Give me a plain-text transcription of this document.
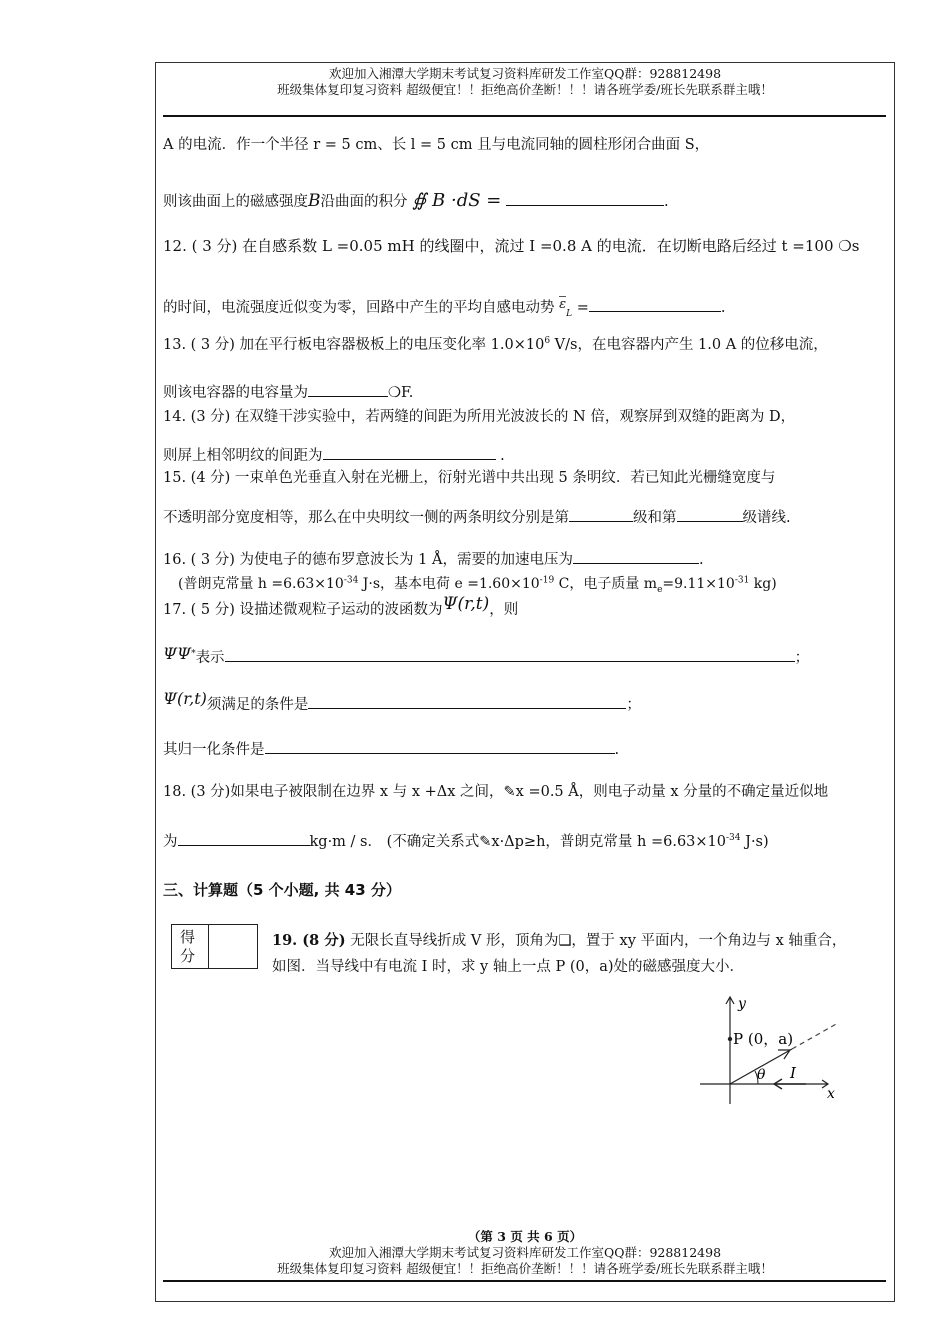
欢迎加入湘潭大学期末考试复习资料库研发工作室QQ群：928812498
班级集体复印复习资料 超级便宜！！拒绝高价垄断！！！请各班学委/班长先联系群主哦！
A 的电流．作一个半径 r = 5 cm、长 l = 5 cm 且与电流同轴的圆柱形闭合曲面 S，
则该曲面上的磁感强度B沿曲面的积分 ∯ B ·dS =	.
12. ( 3 分) 在自感系数 L =0.05 mH 的线圈中，流过 I =0.8 A 的电流．在切断电路后经过 t =100 ❍s
的时间，电流强度近似变为零，回路中产生的平均自感电动势 $\varepsilon_L$ =	.
13. ( 3 分) 加在平行板电容器极板上的电压变化率 $1.0\times 10^6$ V/s，在电容器内产生 1.0 A 的位移电流，
则该电容器的电容量为	❍F.
14. (3 分) 在双缝干涉实验中，若两缝的间距为所用光波波长的 N 倍，观察屏到双缝的距离为 D，
则屏上相邻明纹的间距为	.
15. (4 分) 一束单色光垂直入射在光栅上，衍射光谱中共出现 5 条明纹．若已知此光栅缝宽度与
不透明部分宽度相等，那么在中央明纹一侧的两条明纹分别是第	级和第	级谱线.
16. ( 3 分) 为使电子的德布罗意波长为 1 Å，需要的加速电压为	.
(普朗克常量 $h =6.63\times 10^{-34}$ J·s，基本电荷 $e =1.60\times 10^{-19}$ C，电子质量 $m_e=9.11\times 10^{-31}$ kg)
17. ( 5 分) 设描述微观粒子运动的波函数为Ψ(r,t)，则
ΨΨ*表示	；
Ψ(r,t)须满足的条件是	；
其归一化条件是	.
18. (3 分)如果电子被限制在边界 x 与 x +Δx 之间，✎x =0.5 Å，则电子动量 x 分量的不确定量近似地
为	kg·m / s． (不确定关系式✎x·Δp≥h，普朗克常量 $h =6.63\times 10^{-34}$ J·s)
三、计算题（5 个小题, 共 43 分）
得
分
19. (8 分) 无限长直导线折成 V 形，顶角为❑，置于 xy 平面内，一个角边与 x 轴重合，
如图．当导线中有电流 I 时，求 y 轴上一点 P (0，a)处的磁感强度大小．
y
x
P (0，a)
θ I
（第 3 页 共 6 页）
欢迎加入湘潭大学期末考试复习资料库研发工作室QQ群：928812498
班级集体复印复习资料 超级便宜！！拒绝高价垄断！！！请各班学委/班长先联系群主哦！
